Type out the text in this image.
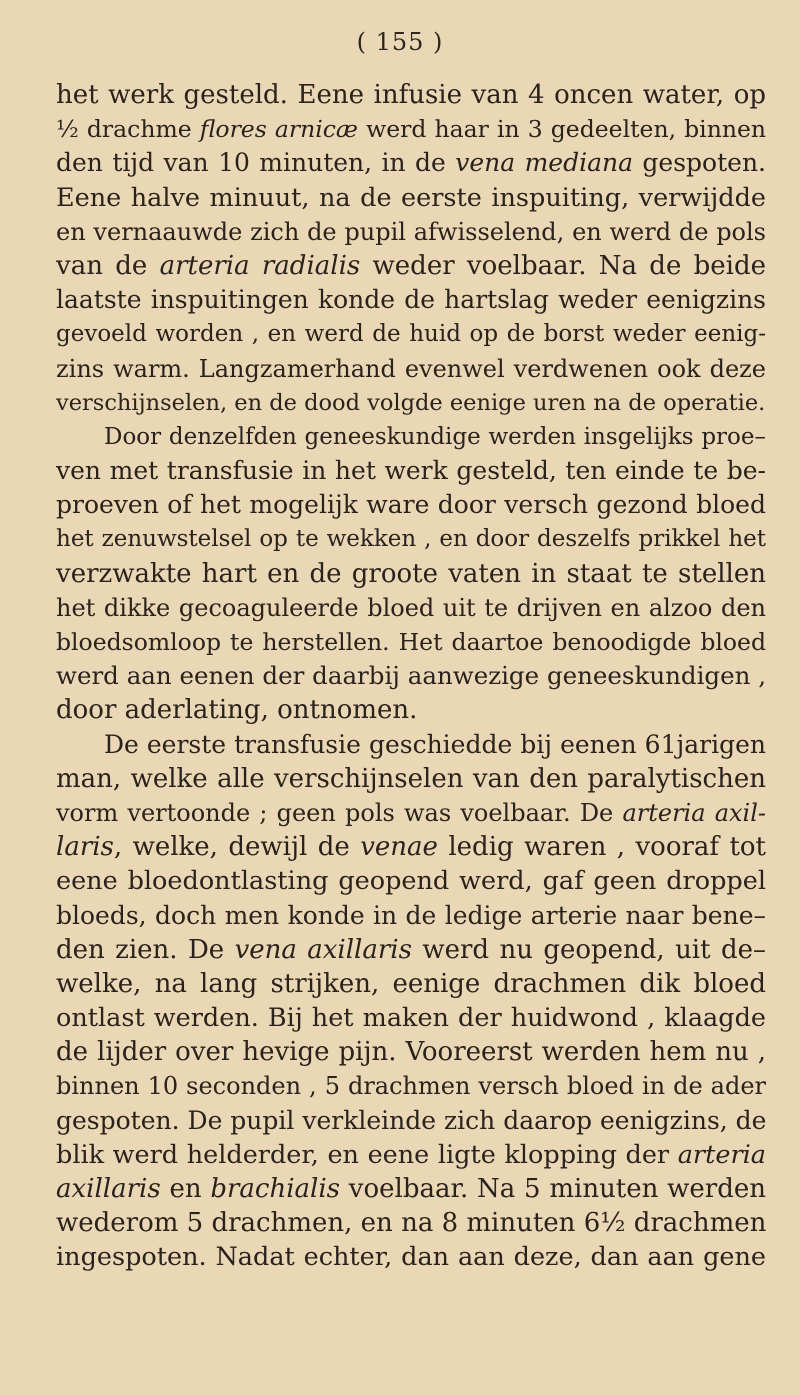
( 155 )
het werk gesteld. Eene infusie van 4 oncen water, op
½ drachme flores arnicæ werd haar in 3 gedeelten, binnen
den tijd van 10 minuten, in de vena mediana gespoten.
Eene halve minuut, na de eerste inspuiting, verwijdde
en vernaauwde zich de pupil afwisselend, en werd de pols
van de arteria radialis weder voelbaar. Na de beide
laatste inspuitingen konde de hartslag weder eenigzins
gevoeld worden , en werd de huid op de borst weder eenig-
zins warm. Langzamerhand evenwel verdwenen ook deze
verschijnselen, en de dood volgde eenige uren na de operatie.
Door denzelfden geneeskundige werden insgelijks proe–
ven met transfusie in het werk gesteld, ten einde te be-
proeven of het mogelijk ware door versch gezond bloed
het zenuwstelsel op te wekken , en door deszelfs prikkel het
verzwakte hart en de groote vaten in staat te stellen
het dikke gecoaguleerde bloed uit te drijven en alzoo den
bloedsomloop te herstellen. Het daartoe benoodigde bloed
werd aan eenen der daarbij aanwezige geneeskundigen ,
door aderlating, ontnomen.
De eerste transfusie geschiedde bij eenen 61jarigen
man, welke alle verschijnselen van den paralytischen
vorm vertoonde ; geen pols was voelbaar. De arteria axil-
laris, welke, dewijl de venae ledig waren , vooraf tot
eene bloedontlasting geopend werd, gaf geen droppel
bloeds, doch men konde in de ledige arterie naar bene–
den zien. De vena axillaris werd nu geopend, uit de–
welke, na lang strijken, eenige drachmen dik bloed
ontlast werden. Bij het maken der huidwond , klaagde
de lijder over hevige pijn. Vooreerst werden hem nu ,
binnen 10 seconden , 5 drachmen versch bloed in de ader
gespoten. De pupil verkleinde zich daarop eenigzins, de
blik werd helderder, en eene ligte klopping der arteria
axillaris en brachialis voelbaar. Na 5 minuten werden
wederom 5 drachmen, en na 8 minuten 6½ drachmen
ingespoten. Nadat echter, dan aan deze, dan aan gene
